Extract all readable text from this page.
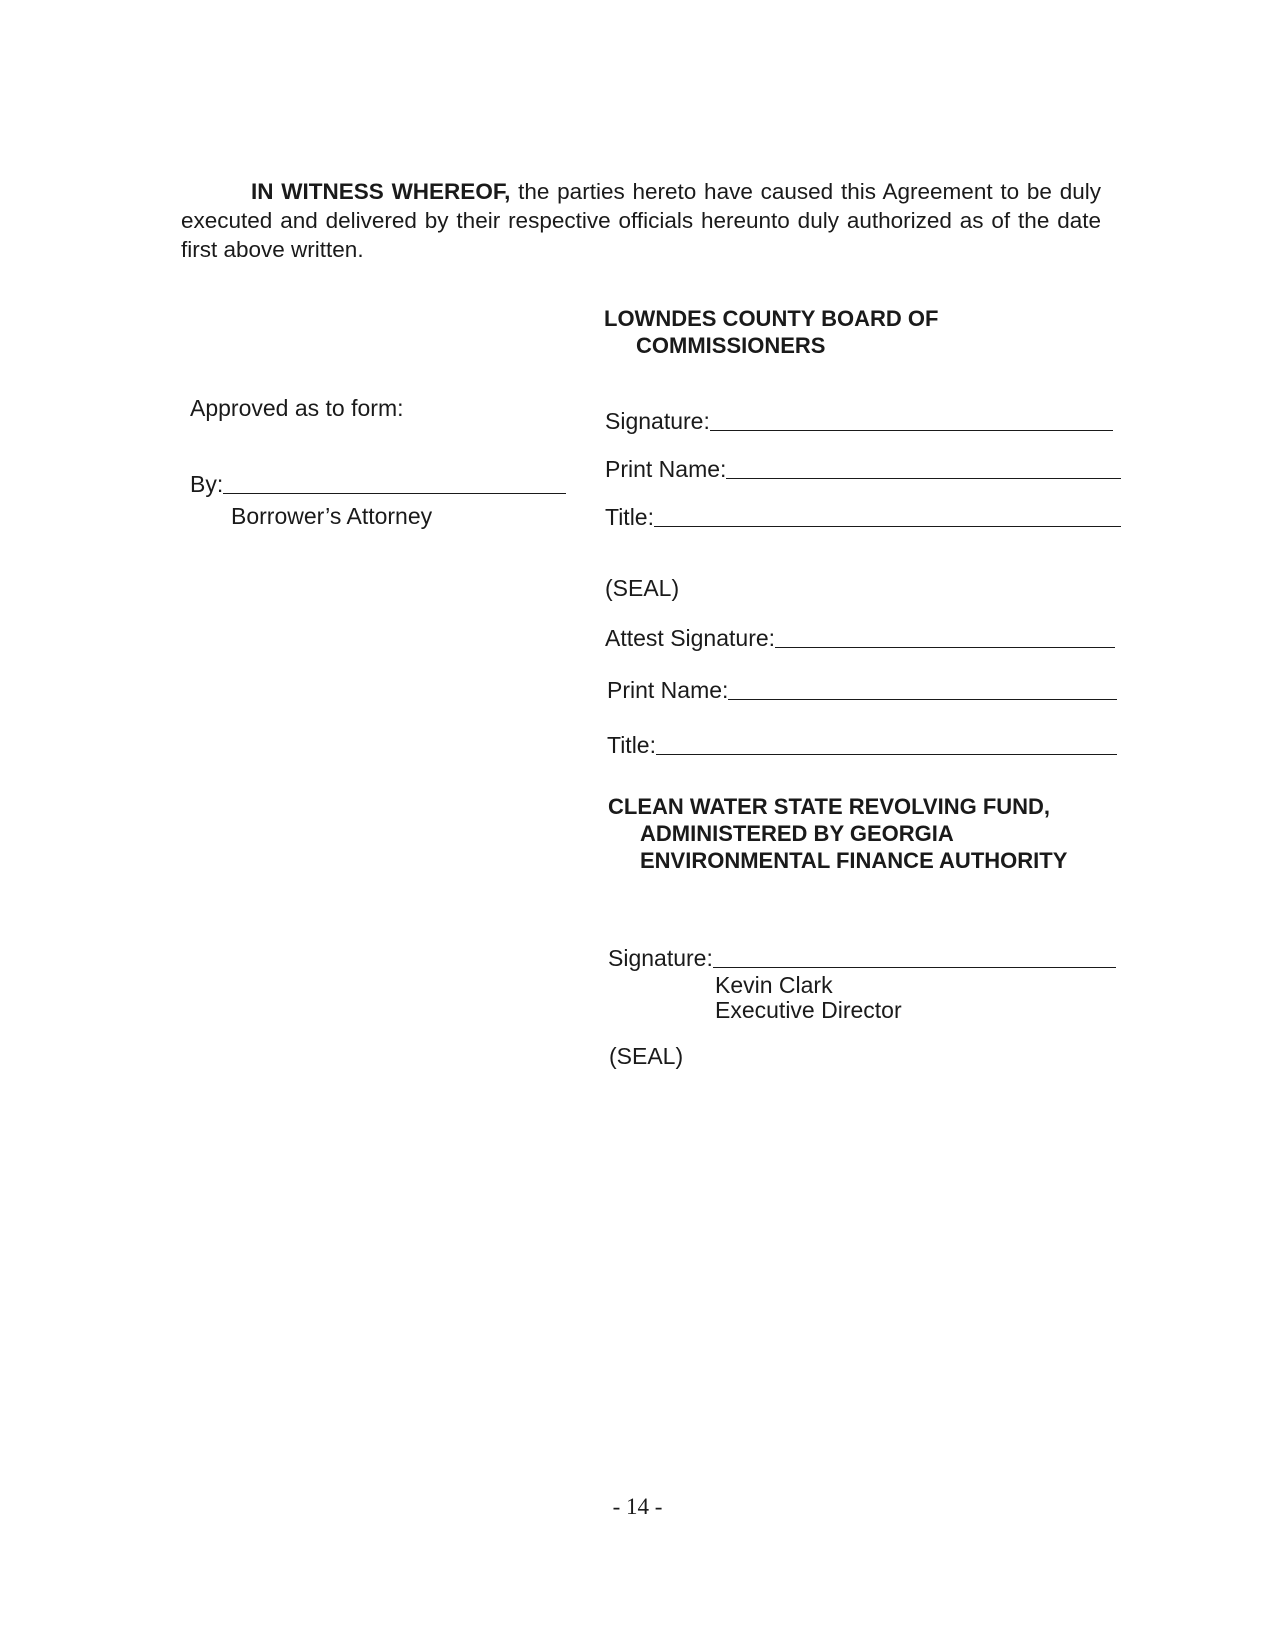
IN WITNESS WHEREOF, the parties hereto have caused this Agreement to be duly executed and delivered by their respective officials hereunto duly authorized as of the date first above written.
LOWNDES COUNTY BOARD OF
COMMISSIONERS
Approved as to form:
By:
Borrower’s Attorney
Signature:
Print Name:
Title:
(SEAL)
Attest Signature:
Print Name:
Title:
CLEAN WATER STATE REVOLVING FUND,
ADMINISTERED BY GEORGIA
ENVIRONMENTAL FINANCE AUTHORITY
Signature:
Kevin Clark
Executive Director
(SEAL)
- 14 -
